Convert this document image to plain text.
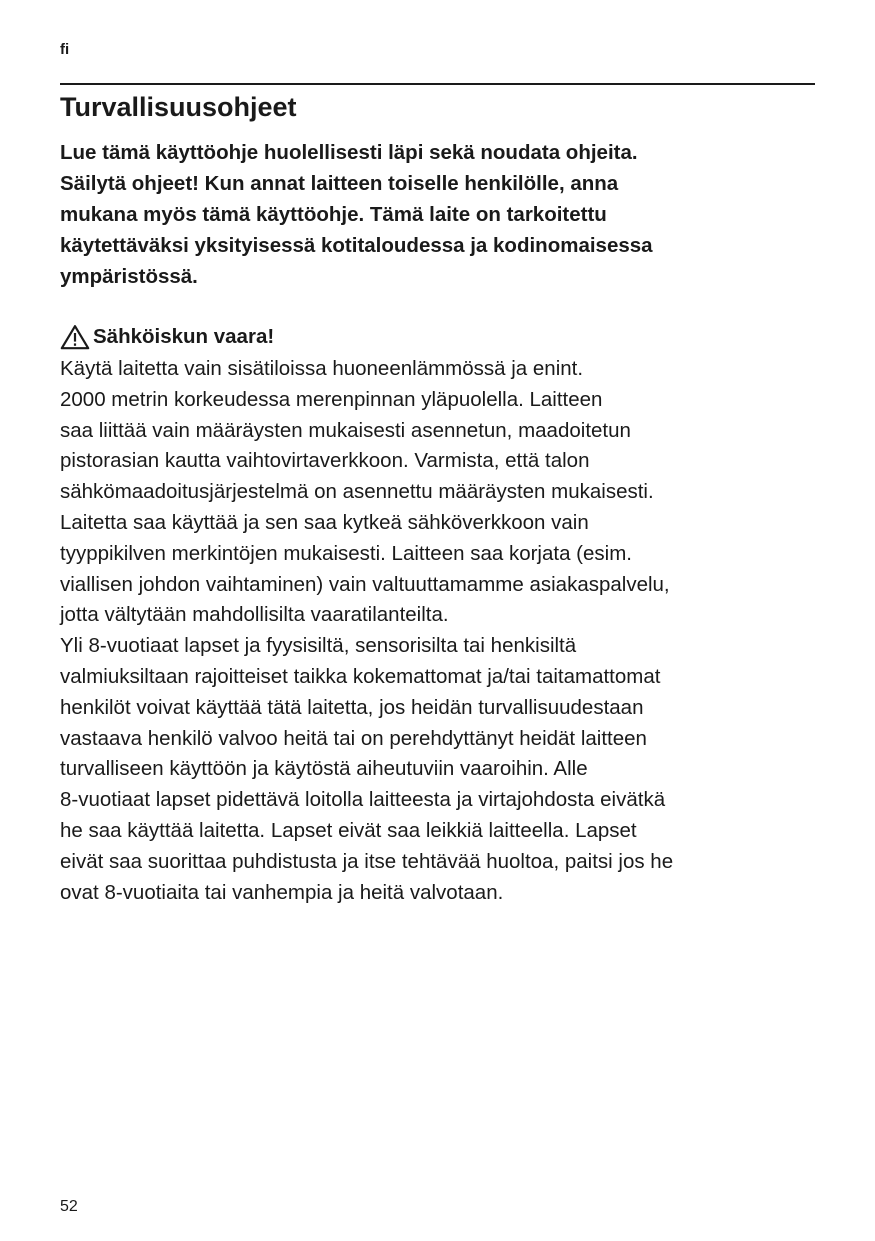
fi
Turvallisuusohjeet

Lue tämä käyttöohje huolellisesti läpi sekä noudata ohjeita.
Säilytä ohjeet! Kun annat laitteen toiselle henkilölle, anna
mukana myös tämä käyttöohje. Tämä laite on tarkoitettu
käytettäväksi yksityisessä kotitaloudessa ja kodinomaisessa
ympäristössä.

Sähköiskun vaara!

Käytä laitetta vain sisätiloissa huoneenlämmössä ja enint.
2000 metrin korkeudessa merenpinnan yläpuolella. Laitteen
saa liittää vain määräysten mukaisesti asennetun, maadoitetun
pistorasian kautta vaihtovirtaverkkoon. Varmista, että talon
sähkömaadoitusjärjestelmä on asennettu määräysten mukaisesti.
Laitetta saa käyttää ja sen saa kytkeä sähköverkkoon vain
tyyppikilven merkintöjen mukaisesti. Laitteen saa korjata (esim.
viallisen johdon vaihtaminen) vain valtuuttamamme asiakaspalvelu,
jotta vältytään mahdollisilta vaaratilanteilta.
Yli 8-vuotiaat lapset ja fyysisiltä, sensorisilta tai henkisiltä
valmiuksiltaan rajoitteiset taikka kokemattomat ja/tai taitamattomat
henkilöt voivat käyttää tätä laitetta, jos heidän turvallisuudestaan
vastaava henkilö valvoo heitä tai on perehdyttänyt heidät laitteen
turvalliseen käyttöön ja käytöstä aiheutuviin vaaroihin. Alle
8-vuotiaat lapset pidettävä loitolla laitteesta ja virtajohdosta eivätkä
he saa käyttää laitetta. Lapset eivät saa leikkiä laitteella. Lapset
eivät saa suorittaa puhdistusta ja itse tehtävää huoltoa, paitsi jos he
ovat 8-vuotiaita tai vanhempia ja heitä valvotaan.

52
